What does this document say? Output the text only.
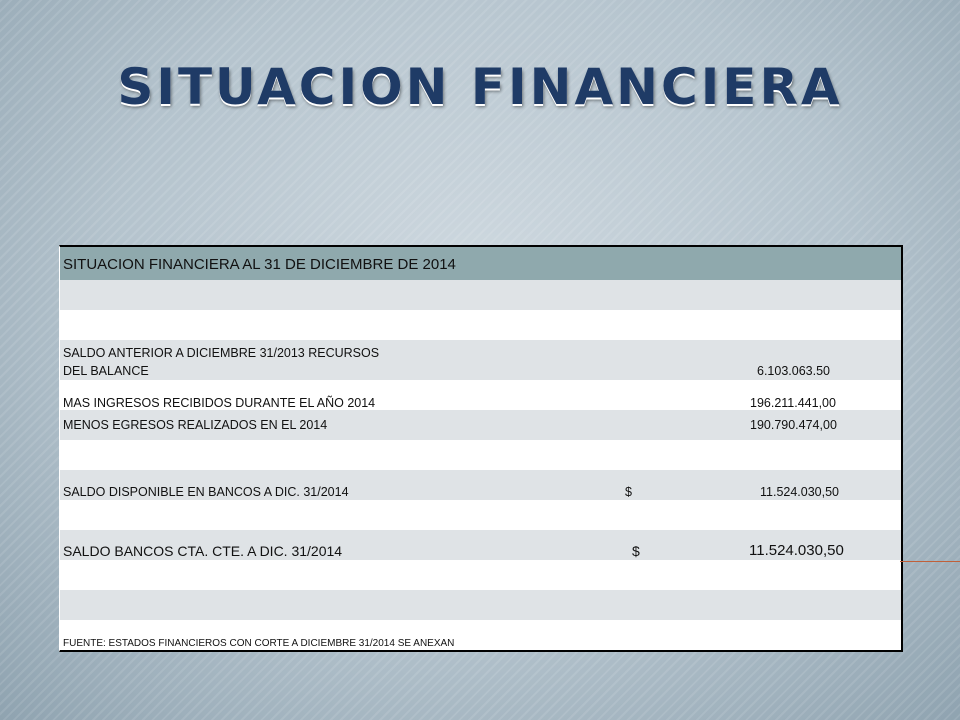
SITUACION FINANCIERA
SITUACION FINANCIERA AL 31 DE DICIEMBRE DE 2014
SALDO ANTERIOR A DICIEMBRE 31/2013 RECURSOS
DEL BALANCE	6.103.063.50
MAS INGRESOS RECIBIDOS DURANTE EL AÑO 2014	196.211.441,00
MENOS EGRESOS REALIZADOS EN EL 2014	190.790.474,00
SALDO DISPONIBLE EN BANCOS A DIC. 31/2014	$	11.524.030,50
SALDO BANCOS CTA. CTE. A DIC. 31/2014	$	11.524.030,50
FUENTE: ESTADOS FINANCIEROS CON CORTE A DICIEMBRE 31/2014 SE ANEXAN
